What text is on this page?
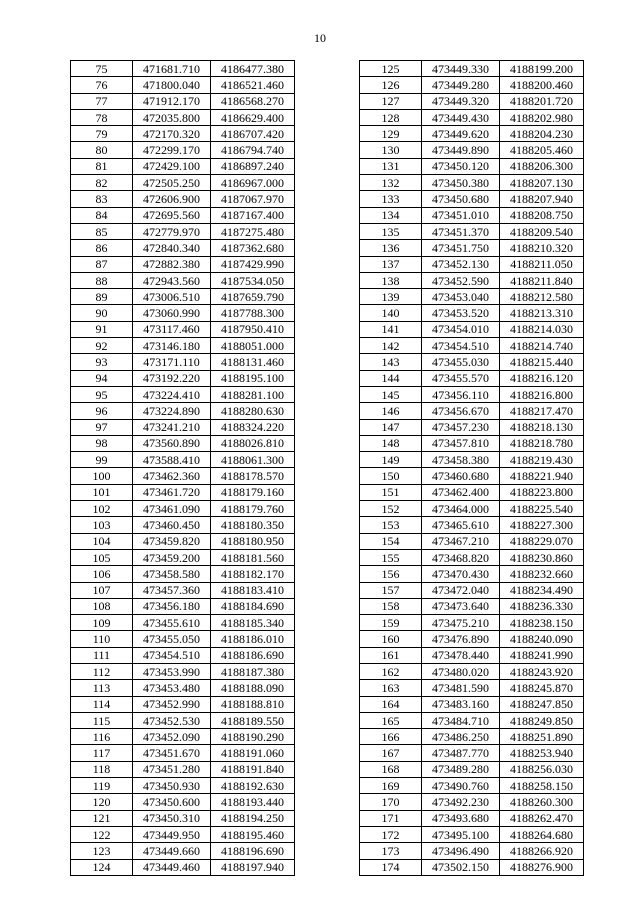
10
75	471681.710	4186477.380
76	471800.040	4186521.460
77	471912.170	4186568.270
78	472035.800	4186629.400
79	472170.320	4186707.420
80	472299.170	4186794.740
81	472429.100	4186897.240
82	472505.250	4186967.000
83	472606.900	4187067.970
84	472695.560	4187167.400
85	472779.970	4187275.480
86	472840.340	4187362.680
87	472882.380	4187429.990
88	472943.560	4187534.050
89	473006.510	4187659.790
90	473060.990	4187788.300
91	473117.460	4187950.410
92	473146.180	4188051.000
93	473171.110	4188131.460
94	473192.220	4188195.100
95	473224.410	4188281.100
96	473224.890	4188280.630
97	473241.210	4188324.220
98	473560.890	4188026.810
99	473588.410	4188061.300
100	473462.360	4188178.570
101	473461.720	4188179.160
102	473461.090	4188179.760
103	473460.450	4188180.350
104	473459.820	4188180.950
105	473459.200	4188181.560
106	473458.580	4188182.170
107	473457.360	4188183.410
108	473456.180	4188184.690
109	473455.610	4188185.340
110	473455.050	4188186.010
111	473454.510	4188186.690
112	473453.990	4188187.380
113	473453.480	4188188.090
114	473452.990	4188188.810
115	473452.530	4188189.550
116	473452.090	4188190.290
117	473451.670	4188191.060
118	473451.280	4188191.840
119	473450.930	4188192.630
120	473450.600	4188193.440
121	473450.310	4188194.250
122	473449.950	4188195.460
123	473449.660	4188196.690
124	473449.460	4188197.940
125	473449.330	4188199.200
126	473449.280	4188200.460
127	473449.320	4188201.720
128	473449.430	4188202.980
129	473449.620	4188204.230
130	473449.890	4188205.460
131	473450.120	4188206.300
132	473450.380	4188207.130
133	473450.680	4188207.940
134	473451.010	4188208.750
135	473451.370	4188209.540
136	473451.750	4188210.320
137	473452.130	4188211.050
138	473452.590	4188211.840
139	473453.040	4188212.580
140	473453.520	4188213.310
141	473454.010	4188214.030
142	473454.510	4188214.740
143	473455.030	4188215.440
144	473455.570	4188216.120
145	473456.110	4188216.800
146	473456.670	4188217.470
147	473457.230	4188218.130
148	473457.810	4188218.780
149	473458.380	4188219.430
150	473460.680	4188221.940
151	473462.400	4188223.800
152	473464.000	4188225.540
153	473465.610	4188227.300
154	473467.210	4188229.070
155	473468.820	4188230.860
156	473470.430	4188232.660
157	473472.040	4188234.490
158	473473.640	4188236.330
159	473475.210	4188238.150
160	473476.890	4188240.090
161	473478.440	4188241.990
162	473480.020	4188243.920
163	473481.590	4188245.870
164	473483.160	4188247.850
165	473484.710	4188249.850
166	473486.250	4188251.890
167	473487.770	4188253.940
168	473489.280	4188256.030
169	473490.760	4188258.150
170	473492.230	4188260.300
171	473493.680	4188262.470
172	473495.100	4188264.680
173	473496.490	4188266.920
174	473502.150	4188276.900
